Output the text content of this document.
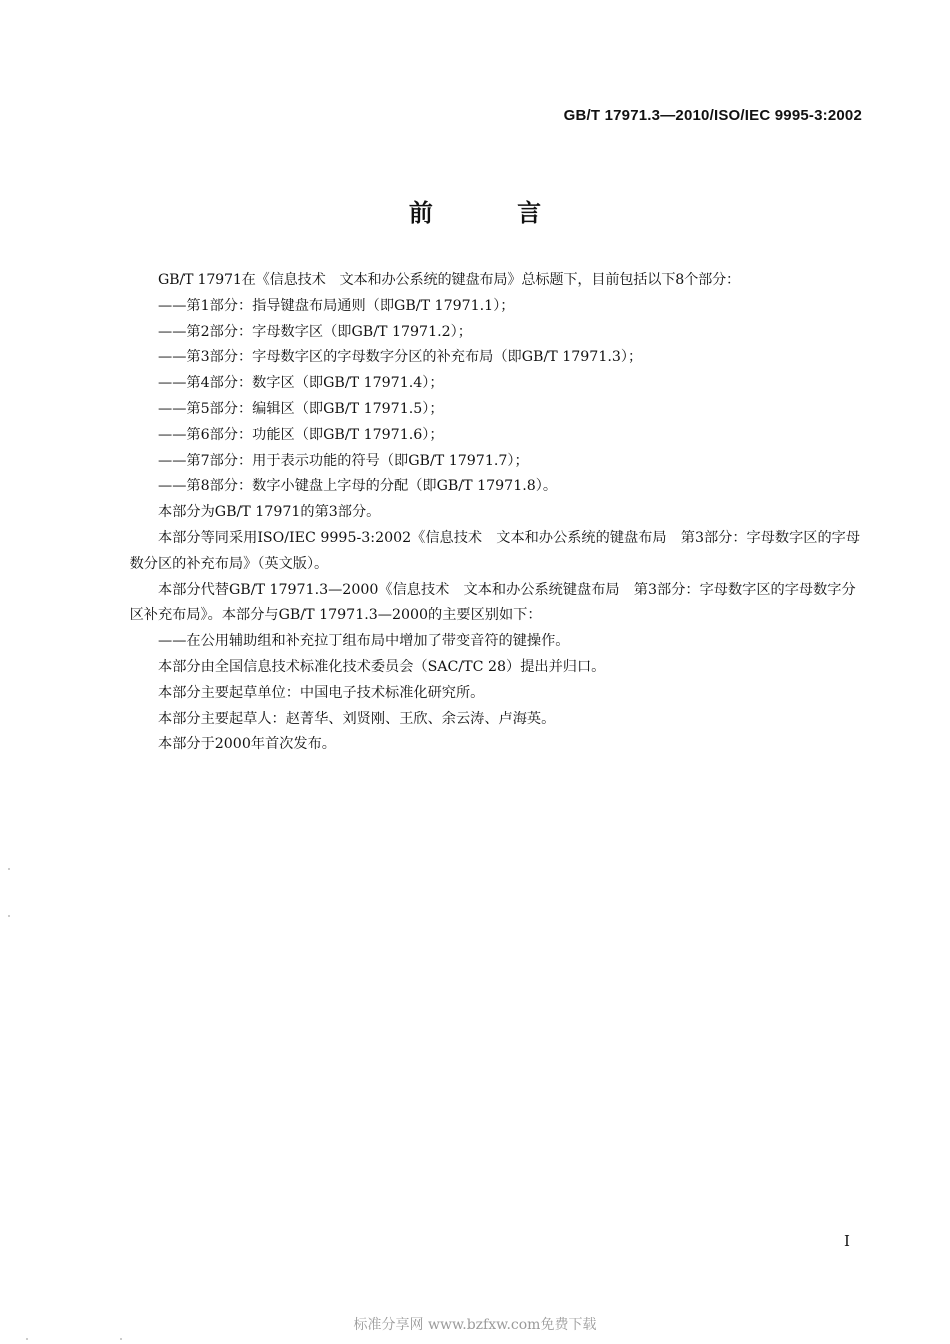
GB/T 17971.3—2010/ISO/IEC 9995-3:2002
前 言

GB/T 17971在《信息技术　文本和办公系统的键盘布局》总标题下，目前包括以下8个部分：

——第1部分：指导键盘布局通则（即GB/T 17971.1）；

——第2部分：字母数字区（即GB/T 17971.2）；

——第3部分：字母数字区的字母数字分区的补充布局（即GB/T 17971.3）；

——第4部分：数字区（即GB/T 17971.4）；

——第5部分：编辑区（即GB/T 17971.5）；

——第6部分：功能区（即GB/T 17971.6）；

——第7部分：用于表示功能的符号（即GB/T 17971.7）；

——第8部分：数字小键盘上字母的分配（即GB/T 17971.8）。

本部分为GB/T 17971的第3部分。

本部分等同采用ISO/IEC 9995-3:2002《信息技术　文本和办公系统的键盘布局　第3部分：字母数字区的字母数分区的补充布局》（英文版）。

本部分代替GB/T 17971.3—2000《信息技术　文本和办公系统键盘布局　第3部分：字母数字区的字母数字分区补充布局》。本部分与GB/T 17971.3—2000的主要区别如下：

——在公用辅助组和补充拉丁组布局中增加了带变音符的键操作。

本部分由全国信息技术标准化技术委员会（SAC/TC 28）提出并归口。

本部分主要起草单位：中国电子技术标准化研究所。

本部分主要起草人：赵菁华、刘贤刚、王欣、余云涛、卢海英。

本部分于2000年首次发布。

I
标准分享网 www.bzfxw.com免费下载
